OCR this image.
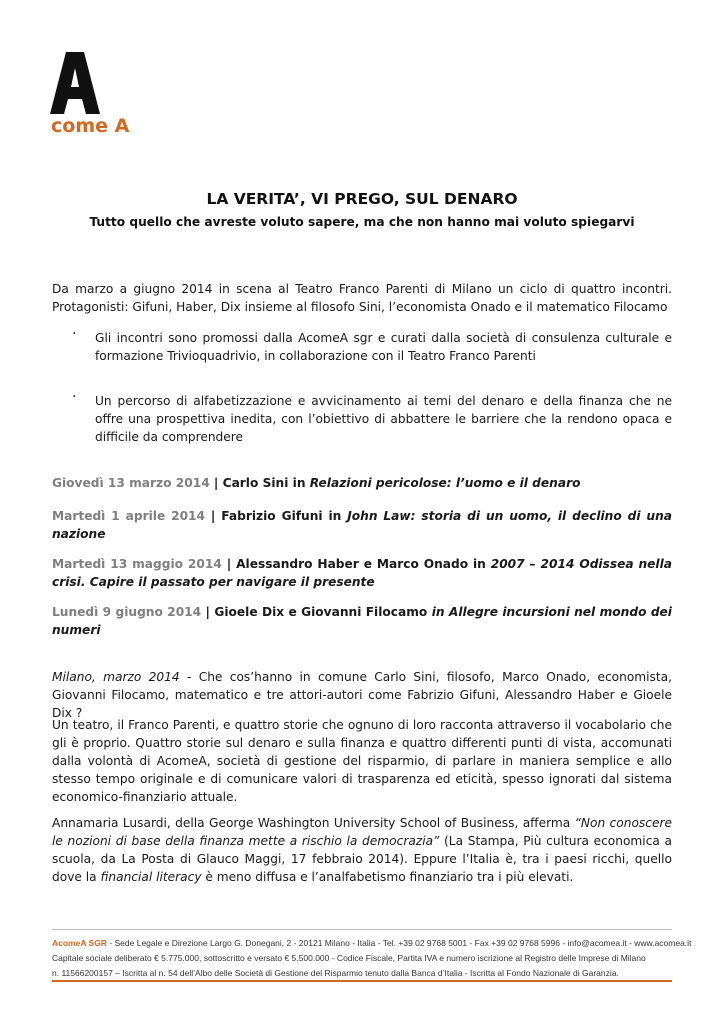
come A
LA VERITA’, VI PREGO, SUL DENARO
Tutto quello che avreste voluto sapere, ma che non hanno mai voluto spiegarvi
Da marzo a giugno 2014 in scena al Teatro Franco Parenti di Milano un ciclo di quattro incontri. Protagonisti: Gifuni, Haber, Dix insieme al filosofo Sini, l’economista Onado e il matematico Filocamo
· Gli incontri sono promossi dalla AcomeA sgr e curati dalla società di consulenza culturale e formazione Trivioquadrivio, in collaborazione con il Teatro Franco Parenti
· Un percorso di alfabetizzazione e avvicinamento ai temi del denaro e della finanza che ne offre una prospettiva inedita, con l’obiettivo di abbattere le barriere che la rendono opaca e difficile da comprendere
Giovedì 13 marzo 2014 | Carlo Sini in Relazioni pericolose: l’uomo e il denaro
Martedì 1 aprile 2014 | Fabrizio Gifuni in John Law: storia di un uomo, il declino di una nazione
Martedì 13 maggio 2014 | Alessandro Haber e Marco Onado in 2007 – 2014 Odissea nella crisi. Capire il passato per navigare il presente
Lunedì 9 giugno 2014 | Gioele Dix e Giovanni Filocamo in Allegre incursioni nel mondo dei numeri
Milano, marzo 2014 - Che cos’hanno in comune Carlo Sini, filosofo, Marco Onado, economista, Giovanni Filocamo, matematico e tre attori-autori come Fabrizio Gifuni, Alessandro Haber e Gioele Dix ?
Un teatro, il Franco Parenti, e quattro storie che ognuno di loro racconta attraverso il vocabolario che gli è proprio. Quattro storie sul denaro e sulla finanza e quattro differenti punti di vista, accomunati dalla volontà di AcomeA, società di gestione del risparmio, di parlare in maniera semplice e allo stesso tempo originale e di comunicare valori di trasparenza ed eticità, spesso ignorati dal sistema economico-finanziario attuale.
Annamaria Lusardi, della George Washington University School of Business, afferma “Non conoscere le nozioni di base della finanza mette a rischio la democrazia” (La Stampa, Più cultura economica a scuola, da La Posta di Glauco Maggi, 17 febbraio 2014). Eppure l’Italia è, tra i paesi ricchi, quello dove la financial literacy è meno diffusa e l’analfabetismo finanziario tra i più elevati.
AcomeA SGR - Sede Legale e Direzione Largo G. Donegani, 2 - 20121 Milano - Italia - Tel. +39 02 9768 5001 - Fax +39 02 9768 5996 - info@acomea.it - www.acomea.it
Capitale sociale deliberato € 5.775.000, sottoscritto e versato € 5.500.000 - Codice Fiscale, Partita IVA e numero iscrizione al Registro delle Imprese di Milano
n. 11566200157 – Iscritta al n. 54 dell’Albo delle Società di Gestione del Risparmio tenuto dalla Banca d’Italia - Iscritta al Fondo Nazionale di Garanzia.
